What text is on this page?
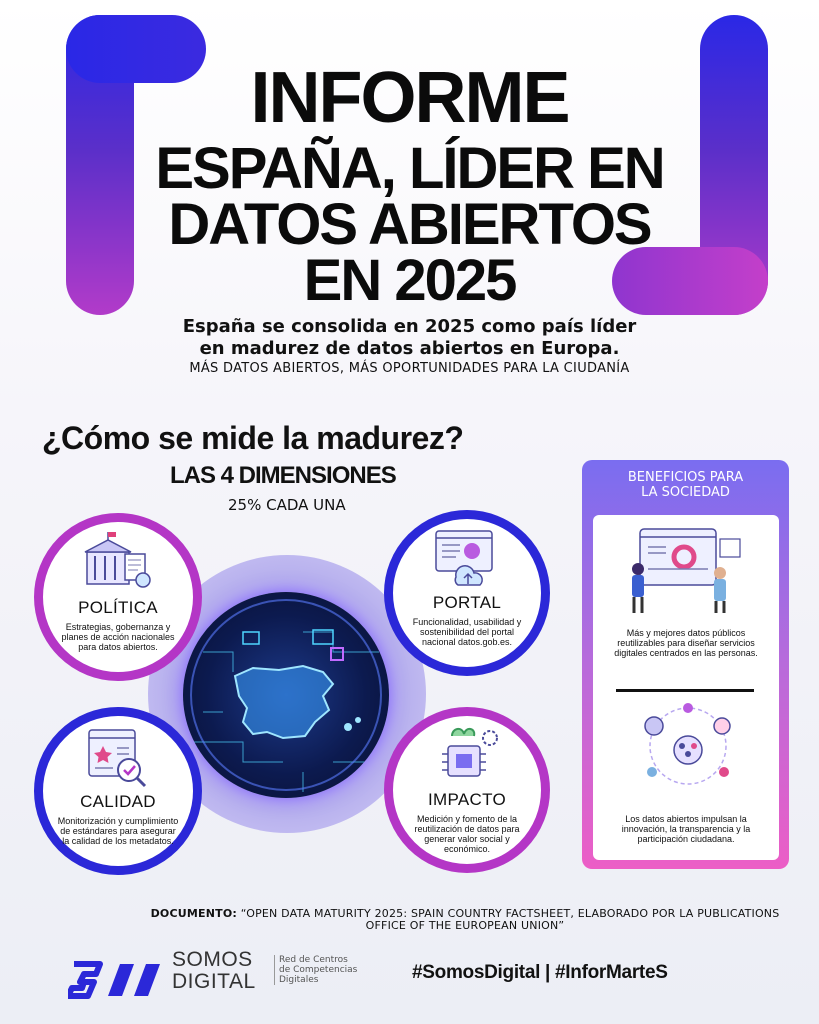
INFORME
ESPAÑA, LÍDER EN
DATOS ABIERTOS
EN 2025
España se consolida en 2025 como país líder
en madurez de datos abiertos en Europa.
MÁS DATOS ABIERTOS, MÁS OPORTUNIDADES PARA LA CIUDANÍA
¿Cómo se mide la madurez?
LAS 4 DIMENSIONES
25% CADA UNA
POLÍTICA
Estrategias, gobernanza y planes de acción nacionales para datos abiertos.
PORTAL
Funcionalidad, usabilidad y sostenibilidad del portal nacional datos.gob.es.
CALIDAD
Monitorización y cumplimiento de estándares para asegurar la calidad de los metadatos.
IMPACTO
Medición y fomento de la reutilización de datos para generar valor social y económico.
BENEFICIOS PARA
LA SOCIEDAD
Más y mejores datos públicos reutilizables para diseñar servicios digitales centrados en las personas.
Los datos abiertos impulsan la innovación, la transparencia y la participación ciudadana.
DOCUMENTO: “OPEN DATA MATURITY 2025: SPAIN COUNTRY FACTSHEET, ELABORADO POR LA PUBLICATIONS OFFICE OF THE EUROPEAN UNION”
SOMOS
DIGITAL
Red de Centros
de Competencias
Digitales	#SomosDigital | #InforMarteS
